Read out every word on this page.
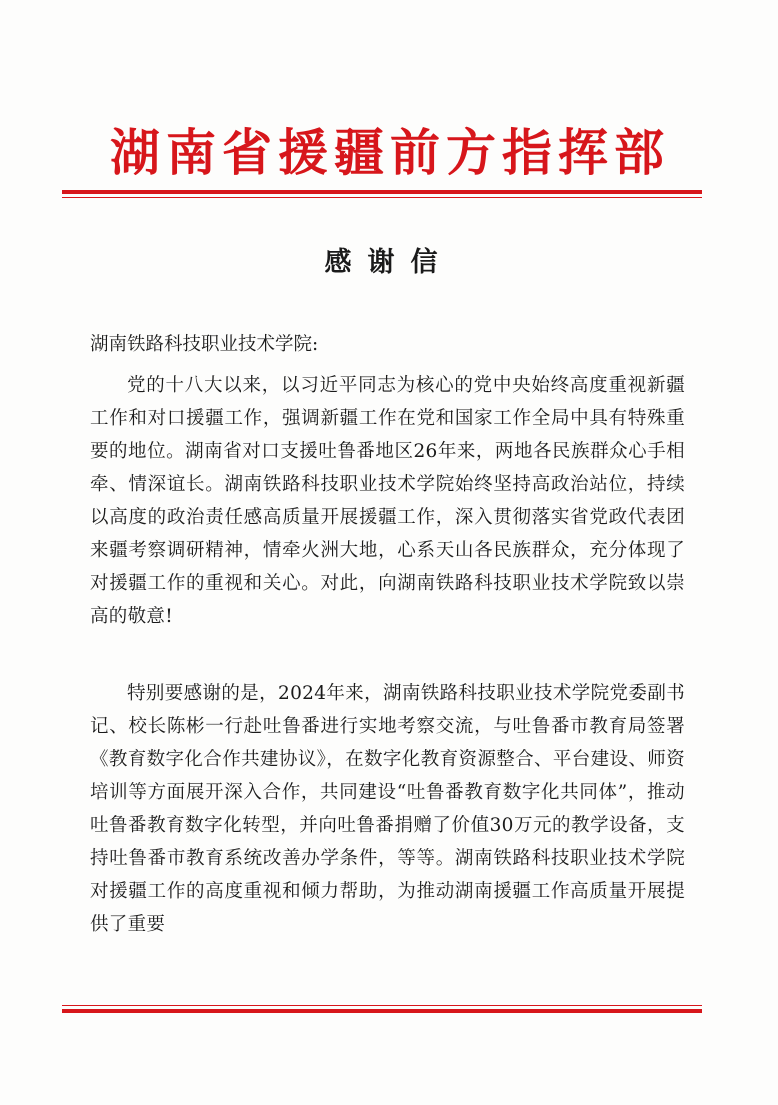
湖南省援疆前方指挥部
感谢信
湖南铁路科技职业技术学院:
党的十八大以来，以习近平同志为核心的党中央始终高度重视新疆工作和对口援疆工作，强调新疆工作在党和国家工作全局中具有特殊重要的地位。湖南省对口支援吐鲁番地区26年来，两地各民族群众心手相牵、情深谊长。湖南铁路科技职业技术学院始终坚持高政治站位，持续以高度的政治责任感高质量开展援疆工作，深入贯彻落实省党政代表团来疆考察调研精神，情牵火洲大地，心系天山各民族群众，充分体现了对援疆工作的重视和关心。对此，向湖南铁路科技职业技术学院致以崇高的敬意!
特别要感谢的是，2024年来，湖南铁路科技职业技术学院党委副书记、校长陈彬一行赴吐鲁番进行实地考察交流，与吐鲁番市教育局签署《教育数字化合作共建协议》，在数字化教育资源整合、平台建设、师资培训等方面展开深入合作，共同建设“吐鲁番教育数字化共同体”，推动吐鲁番教育数字化转型，并向吐鲁番捐赠了价值30万元的教学设备，支持吐鲁番市教育系统改善办学条件，等等。湖南铁路科技职业技术学院对援疆工作的高度重视和倾力帮助，为推动湖南援疆工作高质量开展提供了重要
